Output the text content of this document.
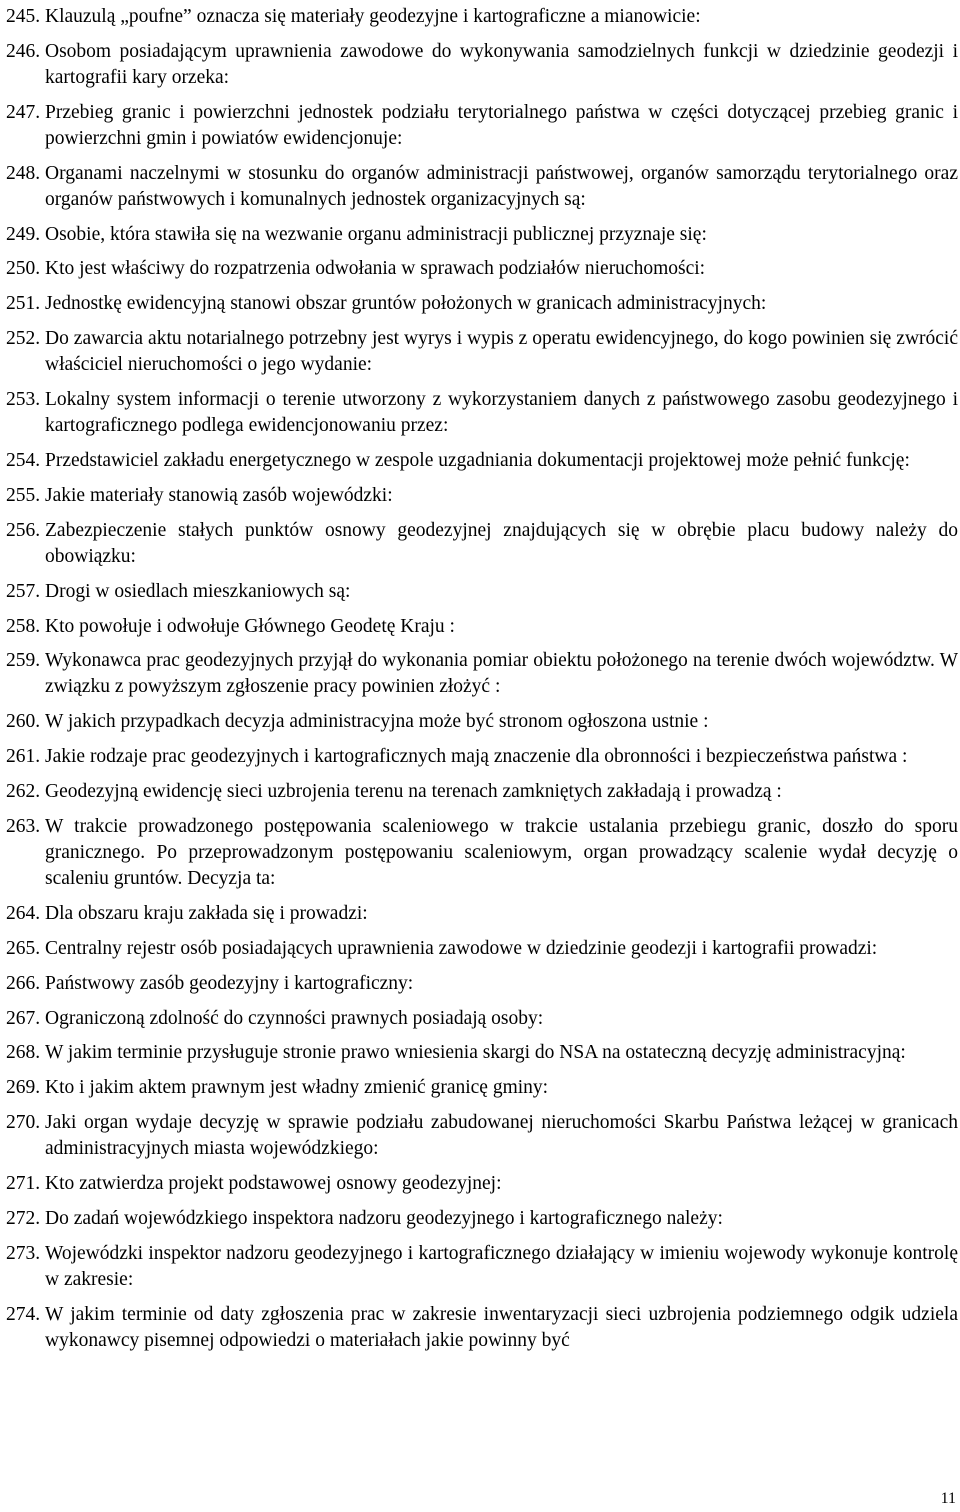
245. Klauzulą „poufne” oznacza się materiały geodezyjne i kartograficzne a mianowicie:
246. Osobom posiadającym uprawnienia zawodowe do wykonywania samodzielnych funkcji w dziedzinie geodezji i kartografii kary orzeka:
247. Przebieg granic i powierzchni jednostek podziału terytorialnego państwa w części dotyczącej przebieg granic i powierzchni gmin i powiatów ewidencjonuje:
248. Organami naczelnymi w stosunku do organów administracji państwowej, organów samorządu terytorialnego oraz organów państwowych i komunalnych jednostek organizacyjnych są:
249. Osobie, która stawiła się na wezwanie organu administracji publicznej przyznaje się:
250. Kto jest właściwy do rozpatrzenia odwołania w sprawach podziałów nieruchomości:
251. Jednostkę ewidencyjną stanowi obszar gruntów położonych w granicach administracyjnych:
252. Do zawarcia aktu notarialnego potrzebny jest wyrys i wypis z operatu ewidencyjnego, do kogo powinien się zwrócić właściciel nieruchomości o jego wydanie:
253. Lokalny system informacji o terenie utworzony z wykorzystaniem danych z państwowego zasobu geodezyjnego i kartograficznego podlega ewidencjonowaniu przez:
254. Przedstawiciel zakładu energetycznego w zespole uzgadniania dokumentacji projektowej może pełnić funkcję:
255. Jakie materiały stanowią zasób wojewódzki:
256. Zabezpieczenie stałych punktów osnowy geodezyjnej znajdujących się w obrębie placu budowy należy do obowiązku:
257. Drogi w osiedlach mieszkaniowych są:
258. Kto powołuje i odwołuje Głównego Geodetę Kraju :
259. Wykonawca prac geodezyjnych przyjął do wykonania pomiar obiektu położonego na terenie dwóch województw. W związku z powyższym zgłoszenie pracy powinien złożyć :
260. W jakich przypadkach decyzja administracyjna może być stronom ogłoszona ustnie :
261. Jakie rodzaje prac geodezyjnych i kartograficznych mają znaczenie dla obronności i bezpieczeństwa państwa :
262. Geodezyjną ewidencję sieci uzbrojenia terenu na terenach zamkniętych zakładają i prowadzą :
263. W trakcie prowadzonego postępowania scaleniowego w trakcie ustalania przebiegu granic, doszło do sporu granicznego. Po przeprowadzonym postępowaniu scaleniowym, organ prowadzący scalenie wydał decyzję o scaleniu gruntów. Decyzja ta:
264. Dla obszaru kraju zakłada się i prowadzi:
265. Centralny rejestr osób posiadających uprawnienia zawodowe w dziedzinie geodezji i kartografii prowadzi:
266. Państwowy zasób geodezyjny i kartograficzny:
267. Ograniczoną zdolność do czynności prawnych posiadają osoby:
268. W jakim terminie przysługuje stronie prawo wniesienia skargi do NSA na ostateczną decyzję administracyjną:
269. Kto i jakim aktem prawnym jest władny zmienić granicę gminy:
270. Jaki organ wydaje decyzję w sprawie podziału zabudowanej nieruchomości Skarbu Państwa leżącej w granicach administracyjnych miasta wojewódzkiego:
271. Kto zatwierdza projekt podstawowej osnowy geodezyjnej:
272. Do zadań wojewódzkiego inspektora nadzoru geodezyjnego i kartograficznego należy:
273. Wojewódzki inspektor nadzoru geodezyjnego i kartograficznego działający w imieniu wojewody wykonuje kontrolę w zakresie:
274. W jakim terminie od daty zgłoszenia prac w zakresie inwentaryzacji sieci uzbrojenia podziemnego odgik udziela wykonawcy pisemnej odpowiedzi o materiałach jakie powinny być
11
